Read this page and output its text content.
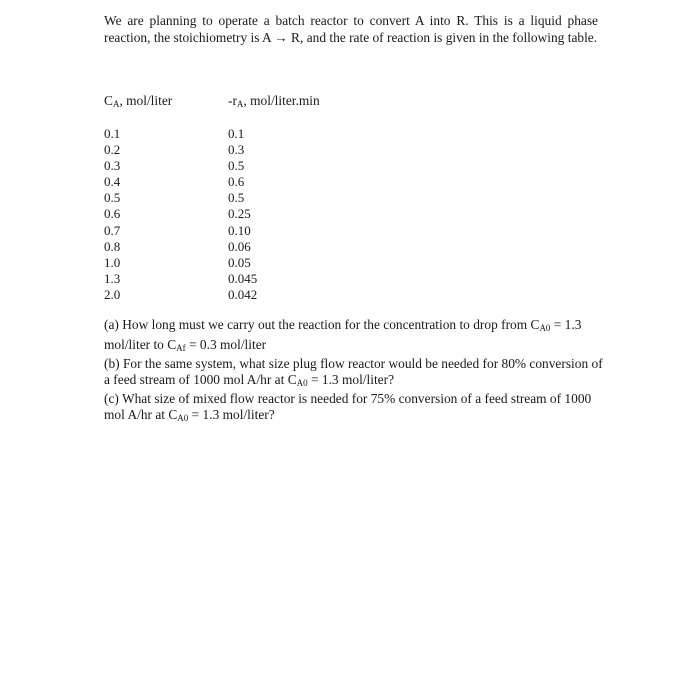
We are planning to operate a batch reactor to convert A into R. This is a liquid phase reaction, the stoichiometry is A → R, and the rate of reaction is given in the following table.

$C_A$, mol/liter	$-r_A$, mol/liter.min

0.1
0.2
0.3
0.4
0.5
0.6
0.7
0.8
1.0
1.3
2.0
0.1
0.3
0.5
0.6
0.5
0.25
0.10
0.06
0.05
0.045
0.042

(a) How long must we carry out the reaction for the concentration to drop from $C_{A0} = 1.3$ mol/liter to $C_{Af} = 0.3$ mol/liter

(b) For the same system, what size plug flow reactor would be needed for 80% conversion of a feed stream of 1000 mol A/hr at $C_{A0} = 1.3$ mol/liter?

(c) What size of mixed flow reactor is needed for 75% conversion of a feed stream of 1000 mol A/hr at $C_{A0} = 1.3$ mol/liter?
